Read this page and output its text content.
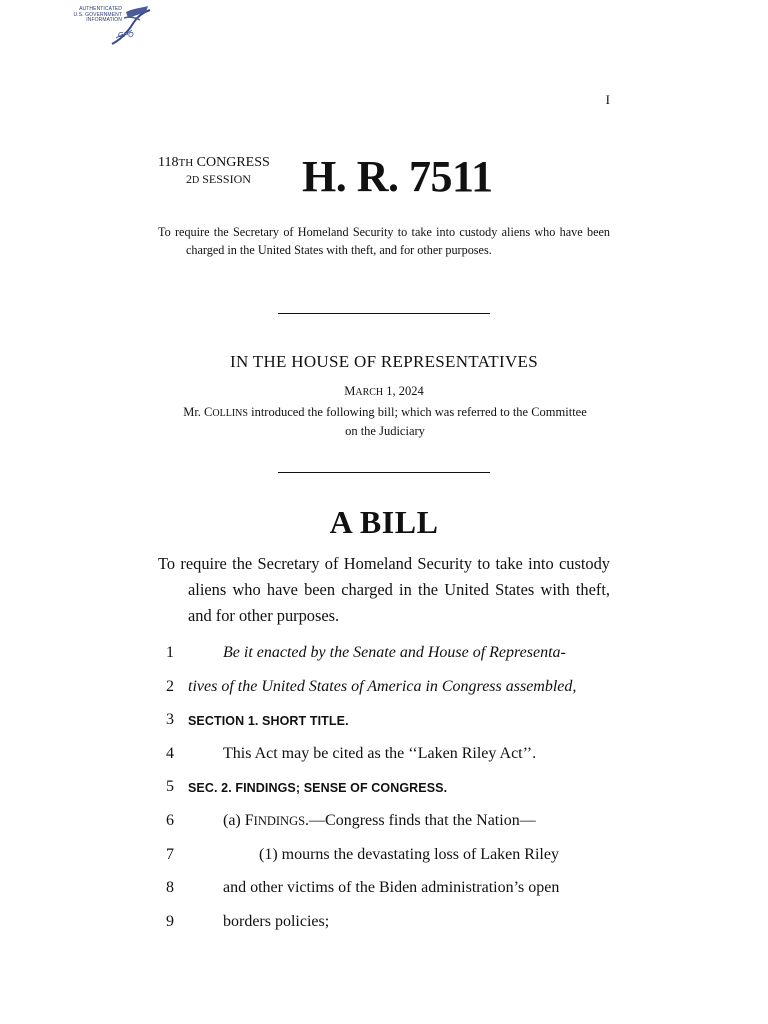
AUTHENTICATED
U.S. GOVERNMENT
INFORMATION
GPO
I
118TH CONGRESS
2D SESSION H. R. 7511
To require the Secretary of Homeland Security to take into custody aliens who have been charged in the United States with theft, and for other purposes.
IN THE HOUSE OF REPRESENTATIVES
MARCH 1, 2024
Mr. COLLINS introduced the following bill; which was referred to the Committee on the Judiciary
A BILL
To require the Secretary of Homeland Security to take into custody aliens who have been charged in the United States with theft, and for other purposes.
1	Be it enacted by the Senate and House of Representa-
2 tives of the United States of America in Congress assembled,
3	SECTION 1. SHORT TITLE.
4	This Act may be cited as the ‘‘Laken Riley Act’’.
5	SEC. 2. FINDINGS; SENSE OF CONGRESS.
6	(a) FINDINGS.—Congress finds that the Nation—
7	(1) mourns the devastating loss of Laken Riley
8	and other victims of the Biden administration’s open
9	borders policies;
